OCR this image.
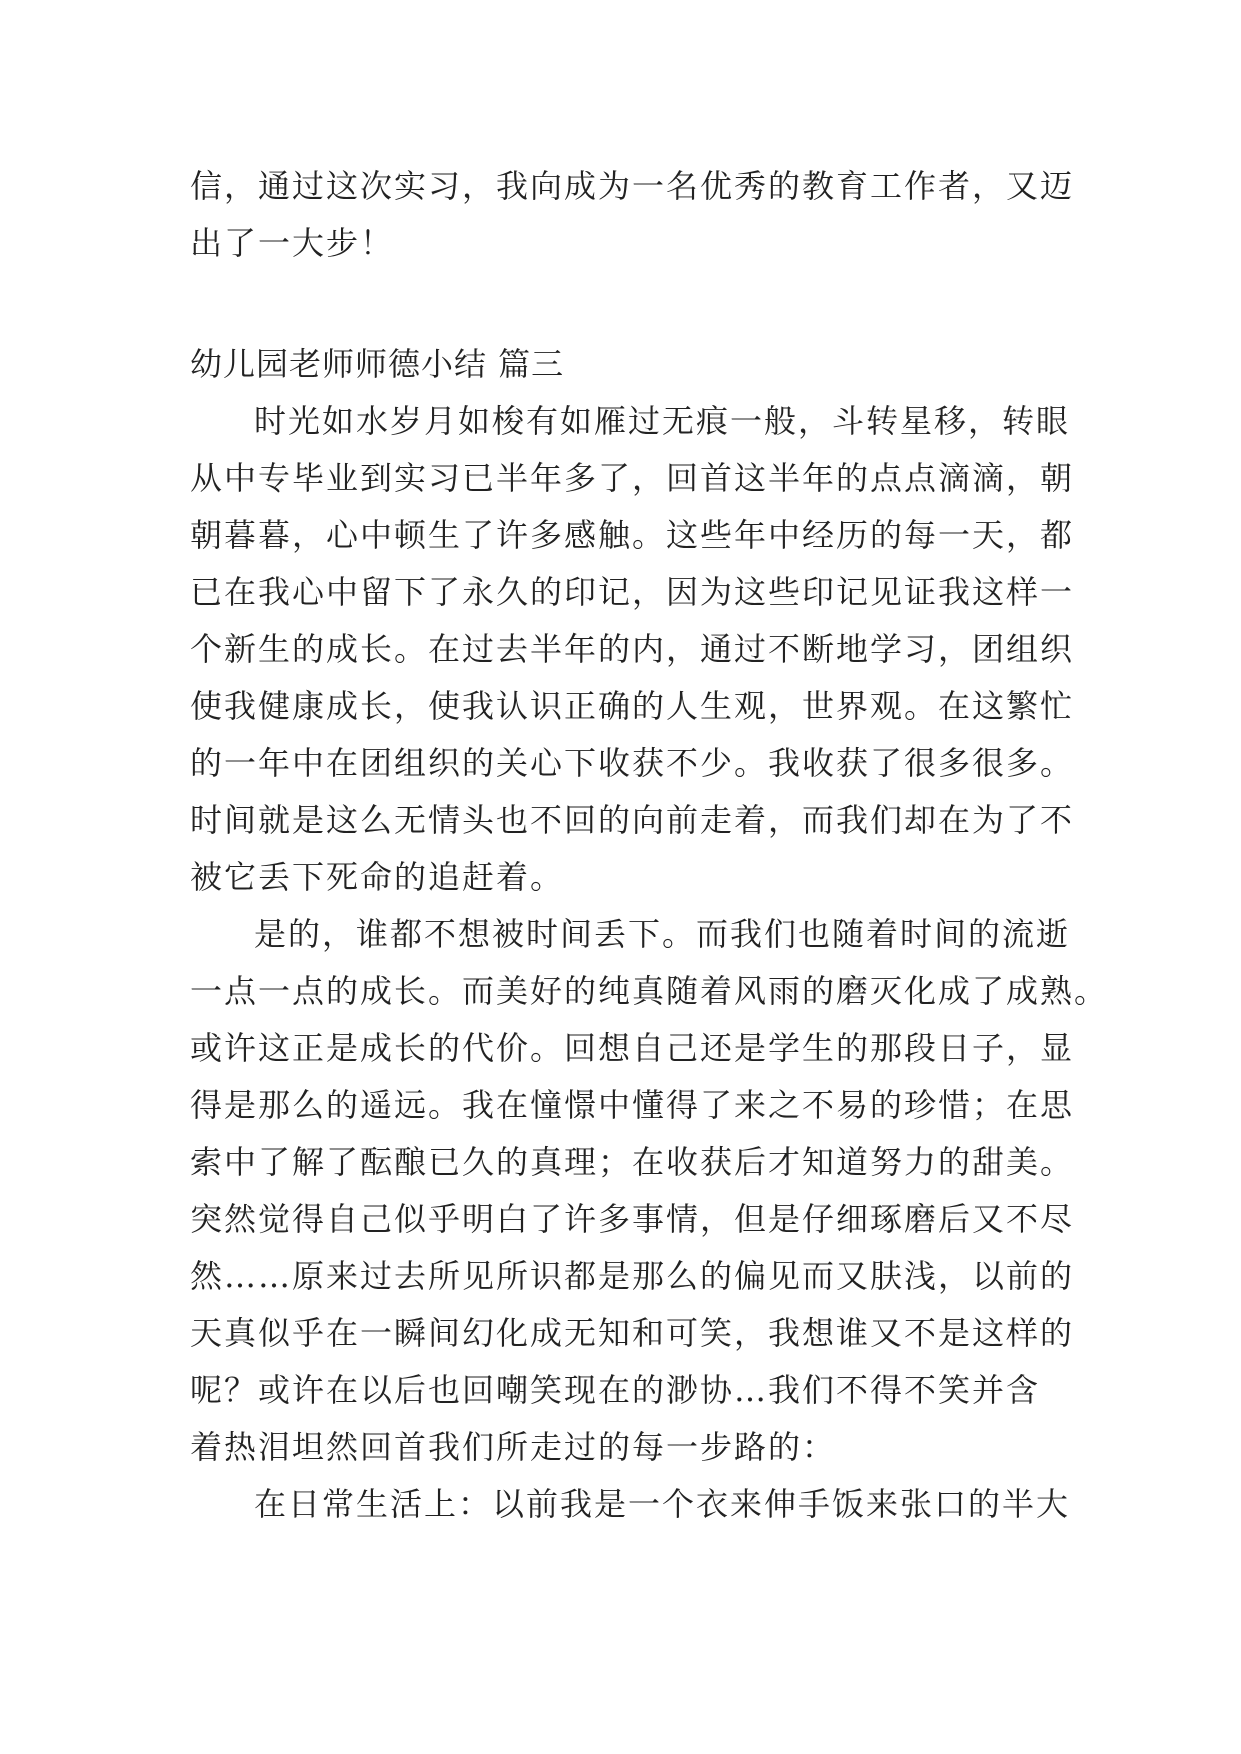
信，通过这次实习，我向成为一名优秀的教育工作者，又迈
出了一大步！
幼儿园老师师德小结 篇三
时光如水岁月如梭有如雁过无痕一般，斗转星移，转眼
从中专毕业到实习已半年多了，回首这半年的点点滴滴，朝
朝暮暮，心中顿生了许多感触。这些年中经历的每一天，都
已在我心中留下了永久的印记，因为这些印记见证我这样一
个新生的成长。在过去半年的内，通过不断地学习，团组织
使我健康成长，使我认识正确的人生观，世界观。在这繁忙
的一年中在团组织的关心下收获不少。我收获了很多很多。
时间就是这么无情头也不回的向前走着，而我们却在为了不
被它丢下死命的追赶着。
是的，谁都不想被时间丢下。而我们也随着时间的流逝
一点一点的成长。而美好的纯真随着风雨的磨灭化成了成熟。
或许这正是成长的代价。回想自己还是学生的那段日子，显
得是那么的遥远。我在憧憬中懂得了来之不易的珍惜；在思
索中了解了酝酿已久的真理；在收获后才知道努力的甜美。
突然觉得自己似乎明白了许多事情，但是仔细琢磨后又不尽
然……原来过去所见所识都是那么的偏见而又肤浅，以前的
天真似乎在一瞬间幻化成无知和可笑，我想谁又不是这样的
呢？或许在以后也回嘲笑现在的渺协…我们不得不笑并含
着热泪坦然回首我们所走过的每一步路的：
在日常生活上：以前我是一个衣来伸手饭来张口的半大
